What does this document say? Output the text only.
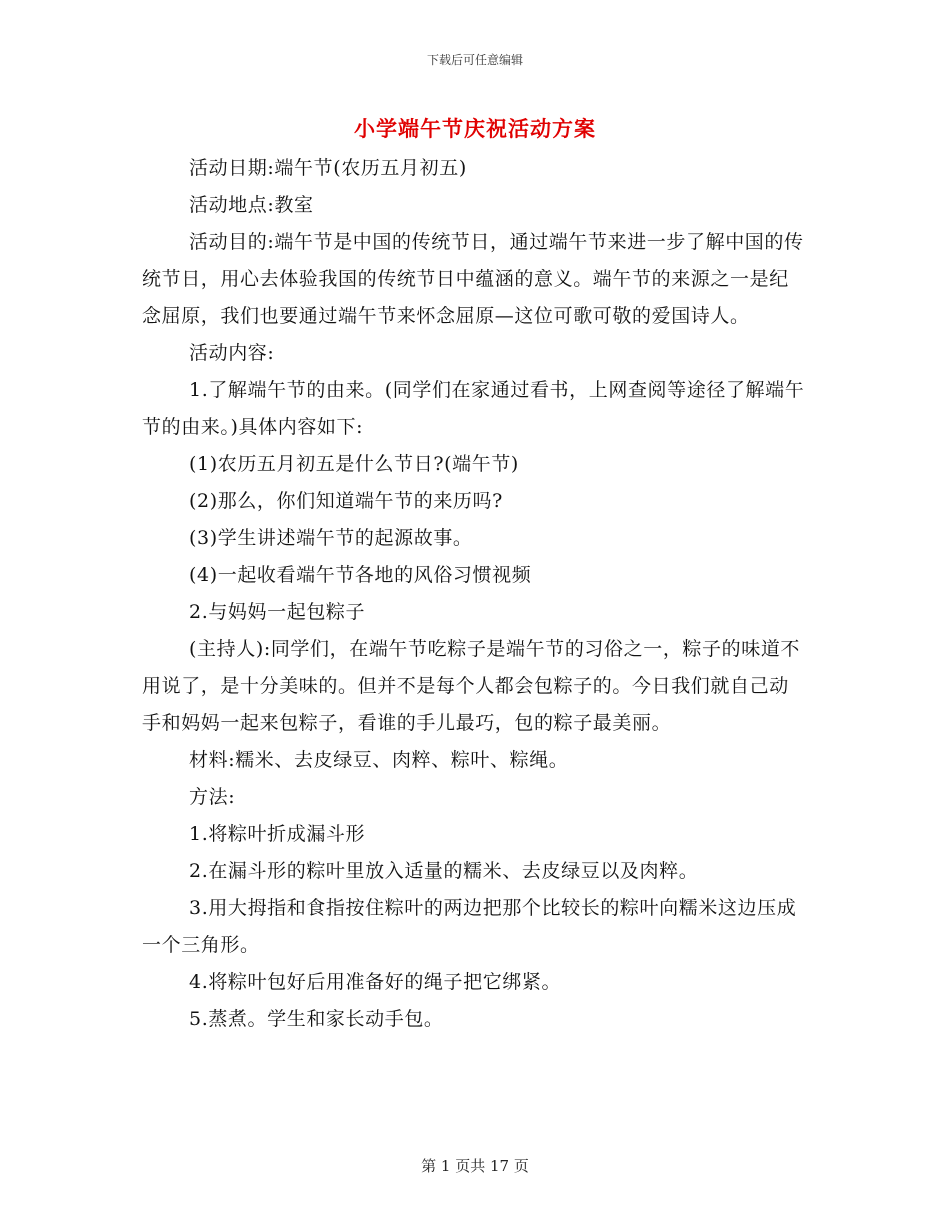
下载后可任意编辑
小学端午节庆祝活动方案

活动日期:端午节(农历五月初五)

活动地点:教室

活动目的:端午节是中国的传统节日，通过端午节来进一步了解中国的传统节日，用心去体验我国的传统节日中蕴涵的意义。端午节的来源之一是纪念屈原，我们也要通过端午节来怀念屈原—这位可歌可敬的爱国诗人。

活动内容:

1.了解端午节的由来。(同学们在家通过看书，上网查阅等途径了解端午节的由来。)具体内容如下:

(1)农历五月初五是什么节日?(端午节)

(2)那么，你们知道端午节的来历吗?

(3)学生讲述端午节的起源故事。

(4)一起收看端午节各地的风俗习惯视频

2.与妈妈一起包粽子

(主持人):同学们，在端午节吃粽子是端午节的习俗之一，粽子的味道不用说了，是十分美味的。但并不是每个人都会包粽子的。今日我们就自己动手和妈妈一起来包粽子，看谁的手儿最巧，包的粽子最美丽。

材料:糯米、去皮绿豆、肉粹、粽叶、粽绳。

方法:

1.将粽叶折成漏斗形

2.在漏斗形的粽叶里放入适量的糯米、去皮绿豆以及肉粹。

3.用大拇指和食指按住粽叶的两边把那个比较长的粽叶向糯米这边压成一个三角形。

4.将粽叶包好后用准备好的绳子把它绑紧。

5.蒸煮。学生和家长动手包。

第 1 页共 17 页
